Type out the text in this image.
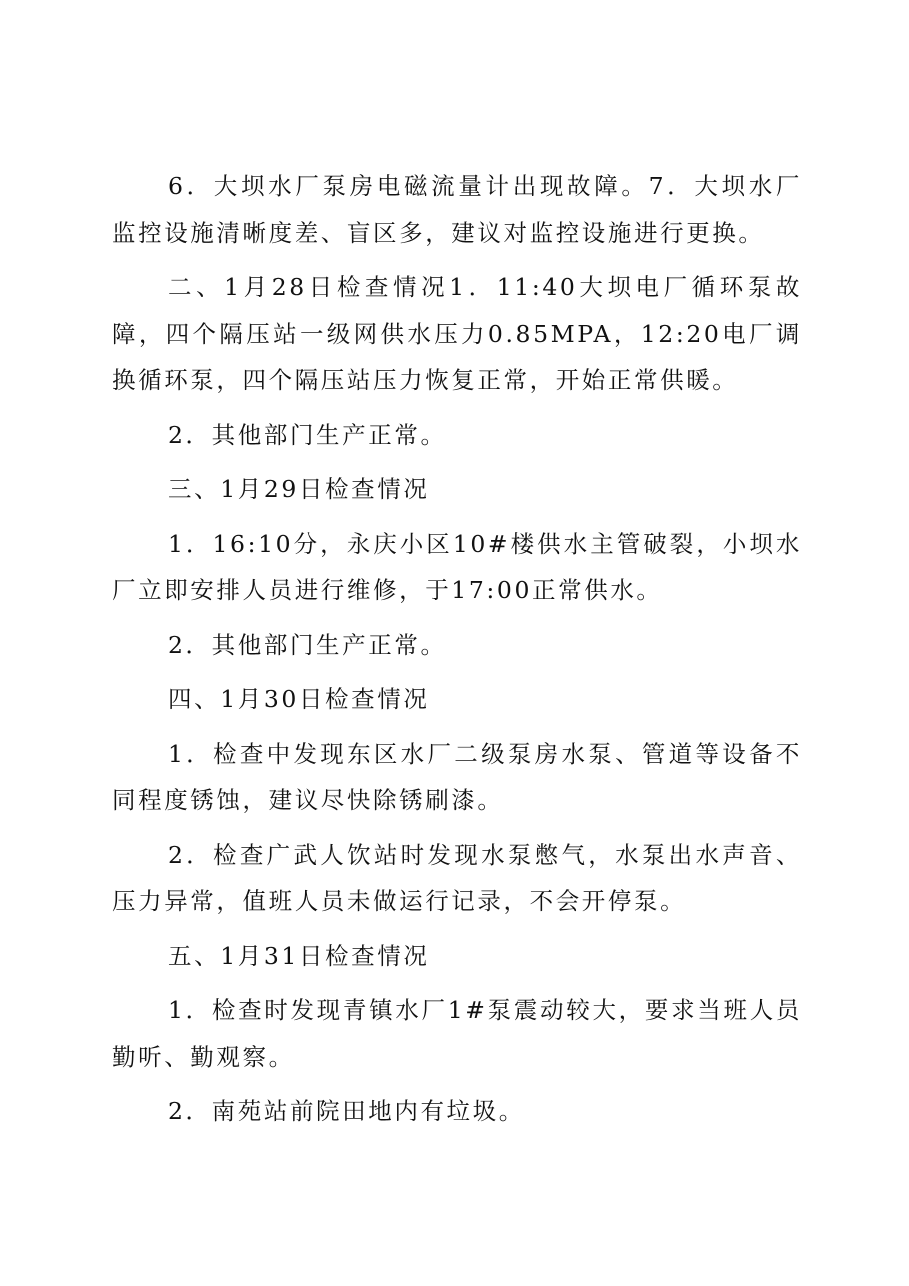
6．大坝水厂泵房电磁流量计出现故障。7．大坝水厂监控设施清晰度差、盲区多，建议对监控设施进行更换。

二、1月28日检查情况1．11:40大坝电厂循环泵故障，四个隔压站一级网供水压力0.85MPA，12:20电厂调换循环泵，四个隔压站压力恢复正常，开始正常供暖。

2．其他部门生产正常。

三、1月29日检查情况

1．16:10分，永庆小区10#楼供水主管破裂，小坝水厂立即安排人员进行维修，于17:00正常供水。

2．其他部门生产正常。

四、1月30日检查情况

1．检查中发现东区水厂二级泵房水泵、管道等设备不同程度锈蚀，建议尽快除锈刷漆。

2．检查广武人饮站时发现水泵憋气，水泵出水声音、压力异常，值班人员未做运行记录，不会开停泵。

五、1月31日检查情况

1．检查时发现青镇水厂1#泵震动较大，要求当班人员勤听、勤观察。

2．南苑站前院田地内有垃圾。
